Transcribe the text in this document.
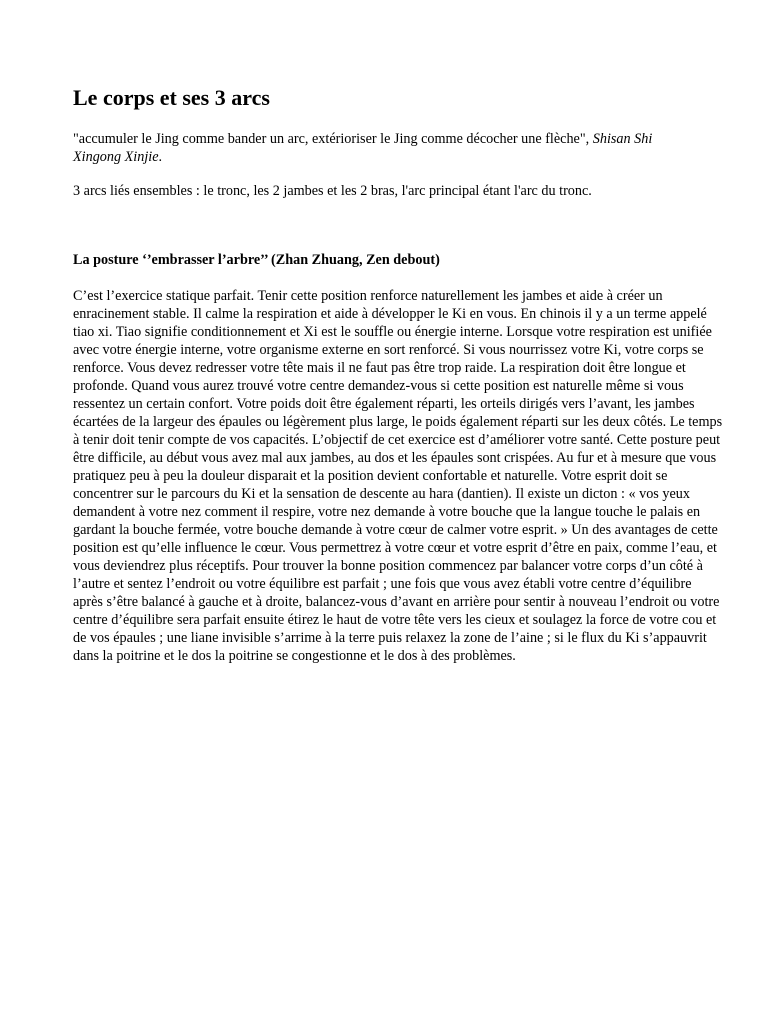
Le corps et ses 3 arcs
"accumuler le Jing comme bander un arc, extérioriser le Jing comme décocher une flèche", Shisan Shi Xingong Xinjie.
3 arcs liés ensembles : le tronc, les 2 jambes et les 2 bras, l'arc principal étant l'arc du tronc.
La posture ‘’embrasser l’arbre’’ (Zhan Zhuang, Zen debout)
C’est l’exercice statique parfait. Tenir cette position renforce naturellement les jambes et aide à créer un enracinement stable. Il calme la respiration et aide à développer le Ki en vous. En chinois il y a un terme appelé tiao xi. Tiao signifie conditionnement et Xi est le souffle ou énergie interne. Lorsque votre respiration est unifiée avec votre énergie interne, votre organisme externe en sort renforcé. Si vous nourrissez votre Ki, votre corps se renforce. Vous devez redresser votre tête mais il ne faut pas être trop raide. La respiration doit être longue et profonde. Quand vous aurez trouvé votre centre demandez-vous si cette position est naturelle même si vous ressentez un certain confort. Votre poids doit être également réparti, les orteils dirigés vers l’avant, les jambes écartées de la largeur des épaules ou légèrement plus large, le poids également réparti sur les deux côtés. Le temps à tenir doit tenir compte de vos capacités. L’objectif de cet exercice est d’améliorer votre santé. Cette posture peut être difficile, au début vous avez mal aux jambes, au dos et les épaules sont crispées. Au fur et à mesure que vous pratiquez peu à peu la douleur disparait et la position devient confortable et naturelle. Votre esprit doit se concentrer sur le parcours du Ki et la sensation de descente au hara (dantien). Il existe un dicton : « vos yeux demandent à votre nez comment il respire, votre nez demande à votre bouche que la langue touche le palais en gardant la bouche fermée, votre bouche demande à votre cœur de calmer votre esprit. » Un des avantages de cette position est qu’elle influence le cœur. Vous permettrez à votre cœur et votre esprit d’être en paix, comme l’eau, et vous deviendrez plus réceptifs. Pour trouver la bonne position commencez par balancer votre corps d’un côté à l’autre et sentez l’endroit ou votre équilibre est parfait ; une fois que vous avez établi votre centre d’équilibre après s’être balancé à gauche et à droite, balancez-vous d’avant en arrière pour sentir à nouveau l’endroit ou votre centre d’équilibre sera parfait ensuite étirez le haut de votre tête vers les cieux et soulagez la force de votre cou et de vos épaules ; une liane invisible s’arrime à la terre puis relaxez la zone de l’aine ; si le flux du Ki s’appauvrit dans la poitrine et le dos la poitrine se congestionne et le dos à des problèmes.
